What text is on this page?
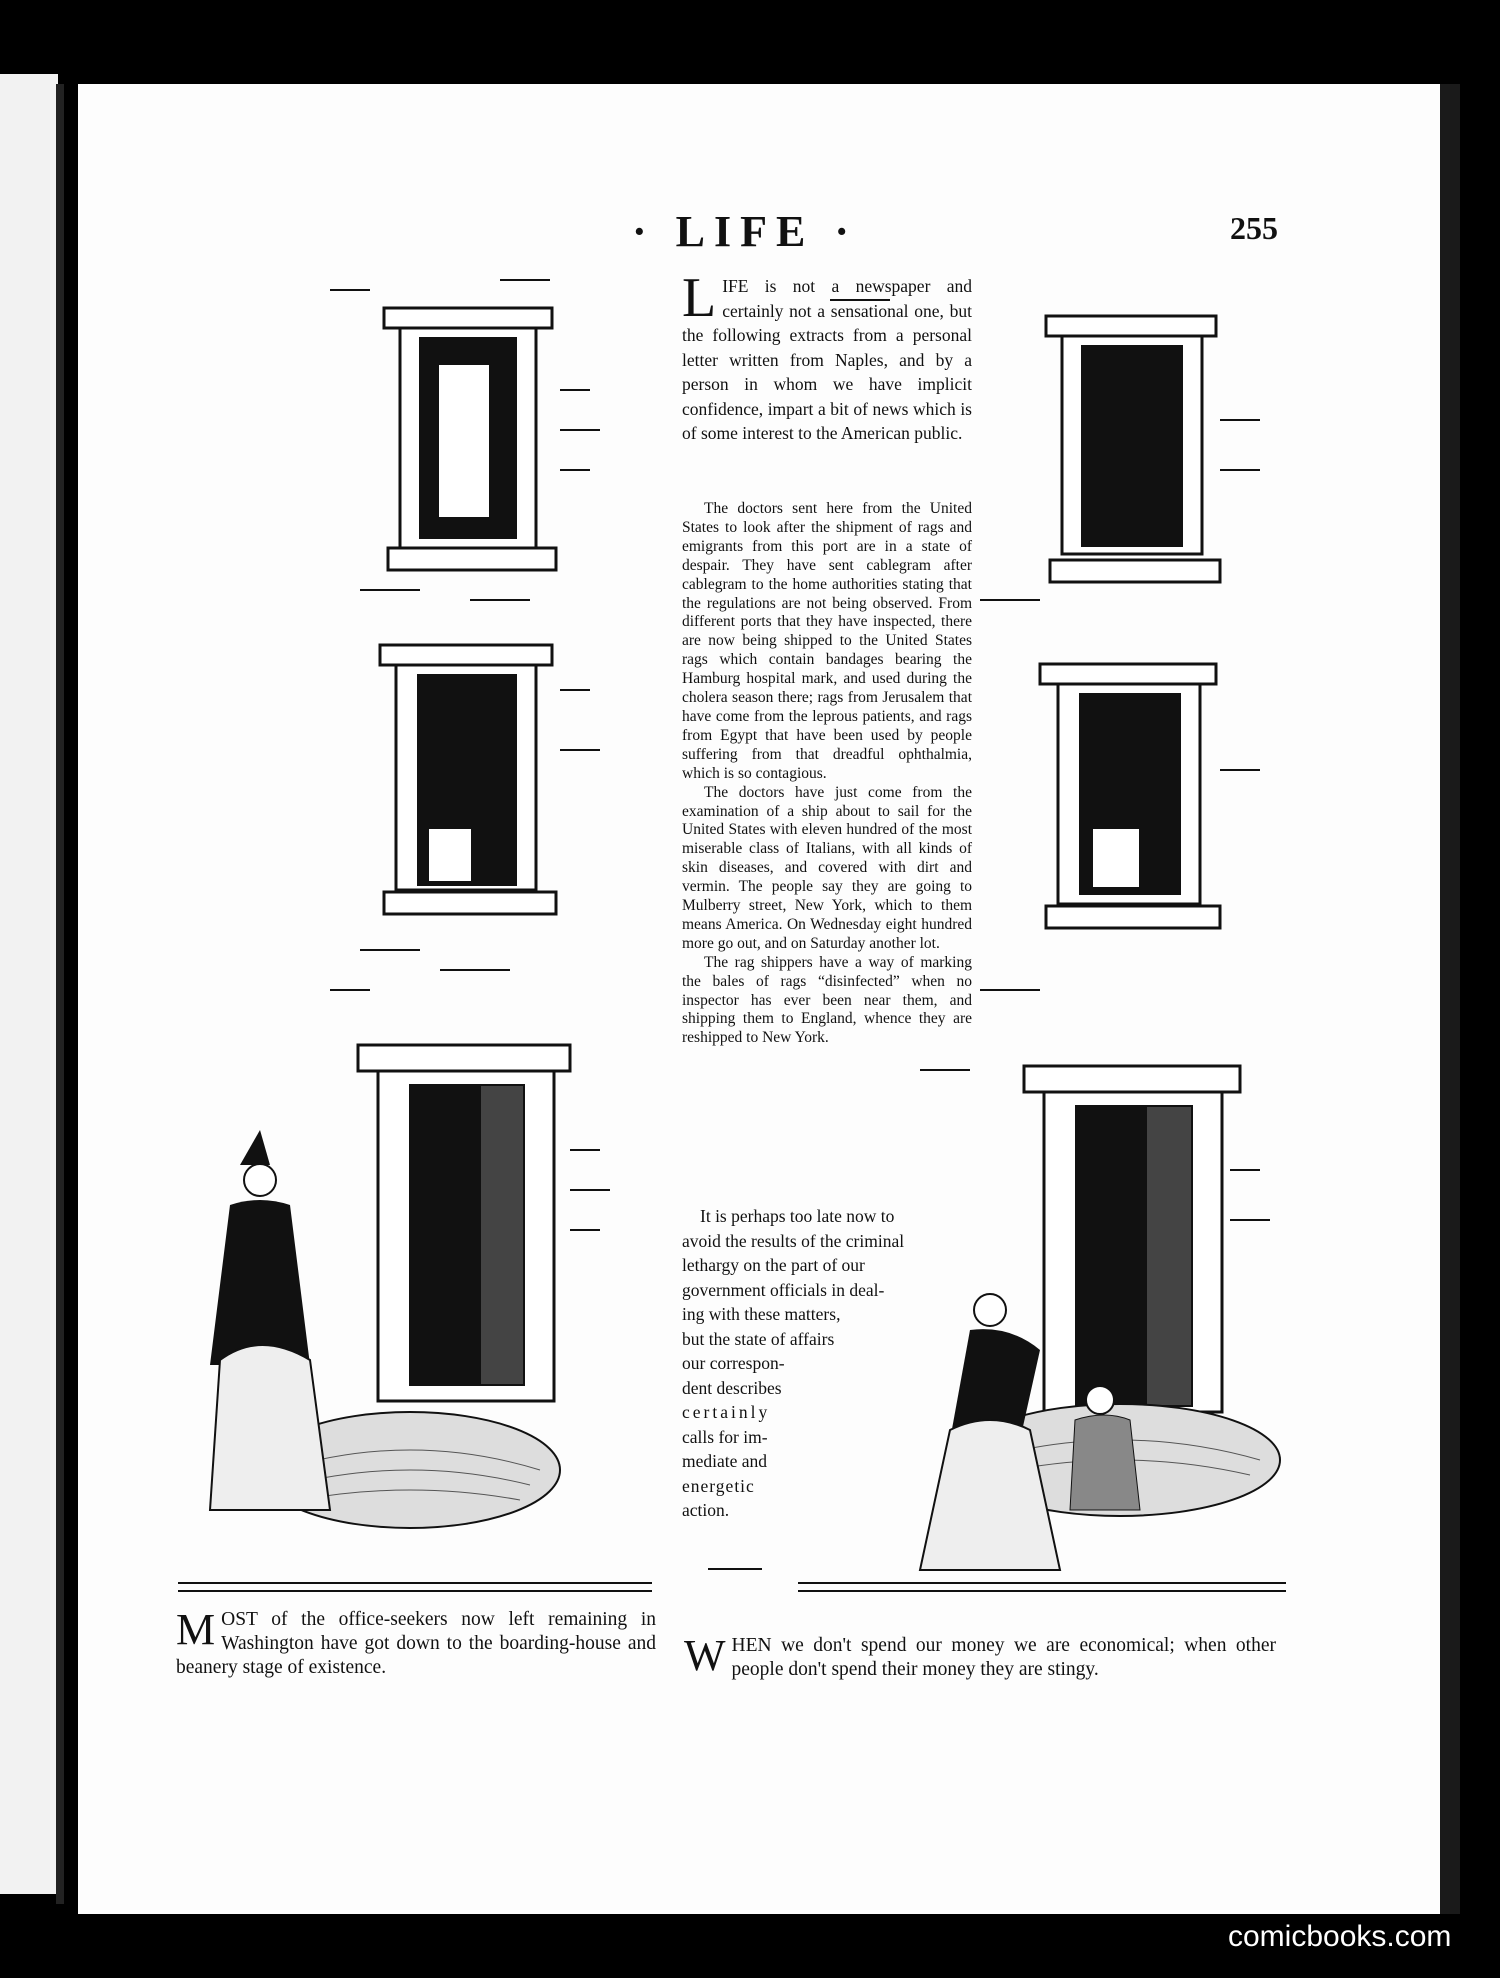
· LIFE ·	255
LIFE is not a newspaper and certainly not a sensational one, but the following extracts from a personal letter written from Naples, and by a person in whom we have implicit confidence, impart a bit of news which is of some interest to the American public.

The doctors sent here from the United States to look after the shipment of rags and emigrants from this port are in a state of despair. They have sent cablegram after cablegram to the home authorities stating that the regulations are not being observed. From different ports that they have inspected, there are now being shipped to the United States rags which contain bandages bearing the Hamburg hospital mark, and used during the cholera season there; rags from Jerusalem that have come from the leprous patients, and rags from Egypt that have been used by people suffering from that dreadful ophthalmia, which is so contagious.

The doctors have just come from the examination of a ship about to sail for the United States with eleven hundred of the most miserable class of Italians, with all kinds of skin diseases, and covered with dirt and vermin. The people say they are going to Mulberry street, New York, which to them means America. On Wednesday eight hundred more go out, and on Saturday another lot.

The rag shippers have a way of marking the bales of rags “disinfected” when no inspector has ever been near them, and shipping them to England, whence they are reshipped to New York.

It is perhaps too late now to
avoid the results of the criminal
lethargy on the part of our
government officials in deal-
ing with these matters,
but the state of affairs
our correspon-
dent describes
certainly
calls for im-
mediate and
energetic
action.
MOST of the office-seekers now left remaining in Washington have got down to the boarding-house and beanery stage of existence.	WHEN we don't spend our money we are economical; when other people don't spend their money they are stingy.
comicbooks.com
